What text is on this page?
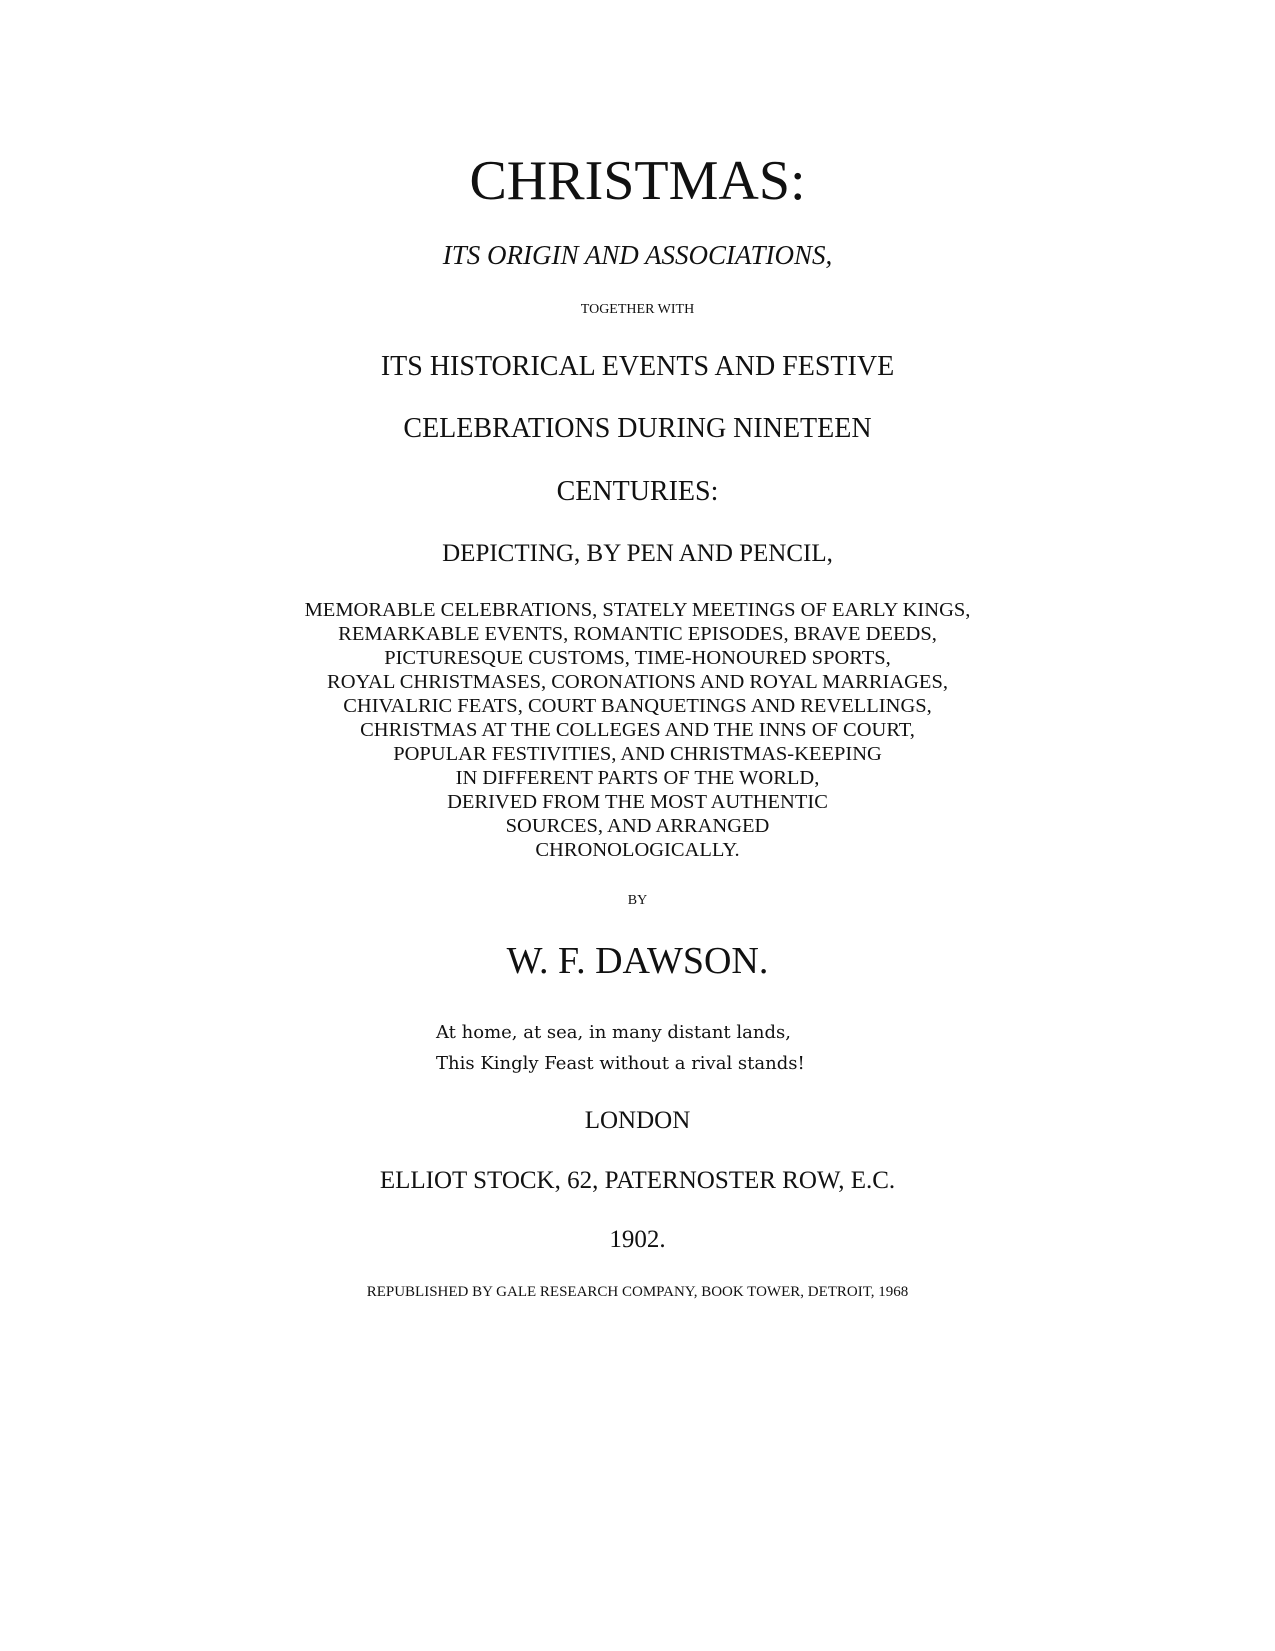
CHRISTMAS:
ITS ORIGIN AND ASSOCIATIONS,
TOGETHER WITH
ITS HISTORICAL EVENTS AND FESTIVE
CELEBRATIONS DURING NINETEEN
CENTURIES:
DEPICTING, BY PEN AND PENCIL,
MEMORABLE CELEBRATIONS, STATELY MEETINGS OF EARLY KINGS,
REMARKABLE EVENTS, ROMANTIC EPISODES, BRAVE DEEDS,
PICTURESQUE CUSTOMS, TIME-HONOURED SPORTS,
ROYAL CHRISTMASES, CORONATIONS AND ROYAL MARRIAGES,
CHIVALRIC FEATS, COURT BANQUETINGS AND REVELLINGS,
CHRISTMAS AT THE COLLEGES AND THE INNS OF COURT,
POPULAR FESTIVITIES, AND CHRISTMAS-KEEPING
IN DIFFERENT PARTS OF THE WORLD,
DERIVED FROM THE MOST AUTHENTIC
SOURCES, AND ARRANGED
CHRONOLOGICALLY.
BY
W. F. DAWSON.
At home, at sea, in many distant lands,
This Kingly Feast without a rival stands!
LONDON
ELLIOT STOCK, 62, PATERNOSTER ROW, E.C.
1902.
REPUBLISHED BY GALE RESEARCH COMPANY, BOOK TOWER, DETROIT, 1968
